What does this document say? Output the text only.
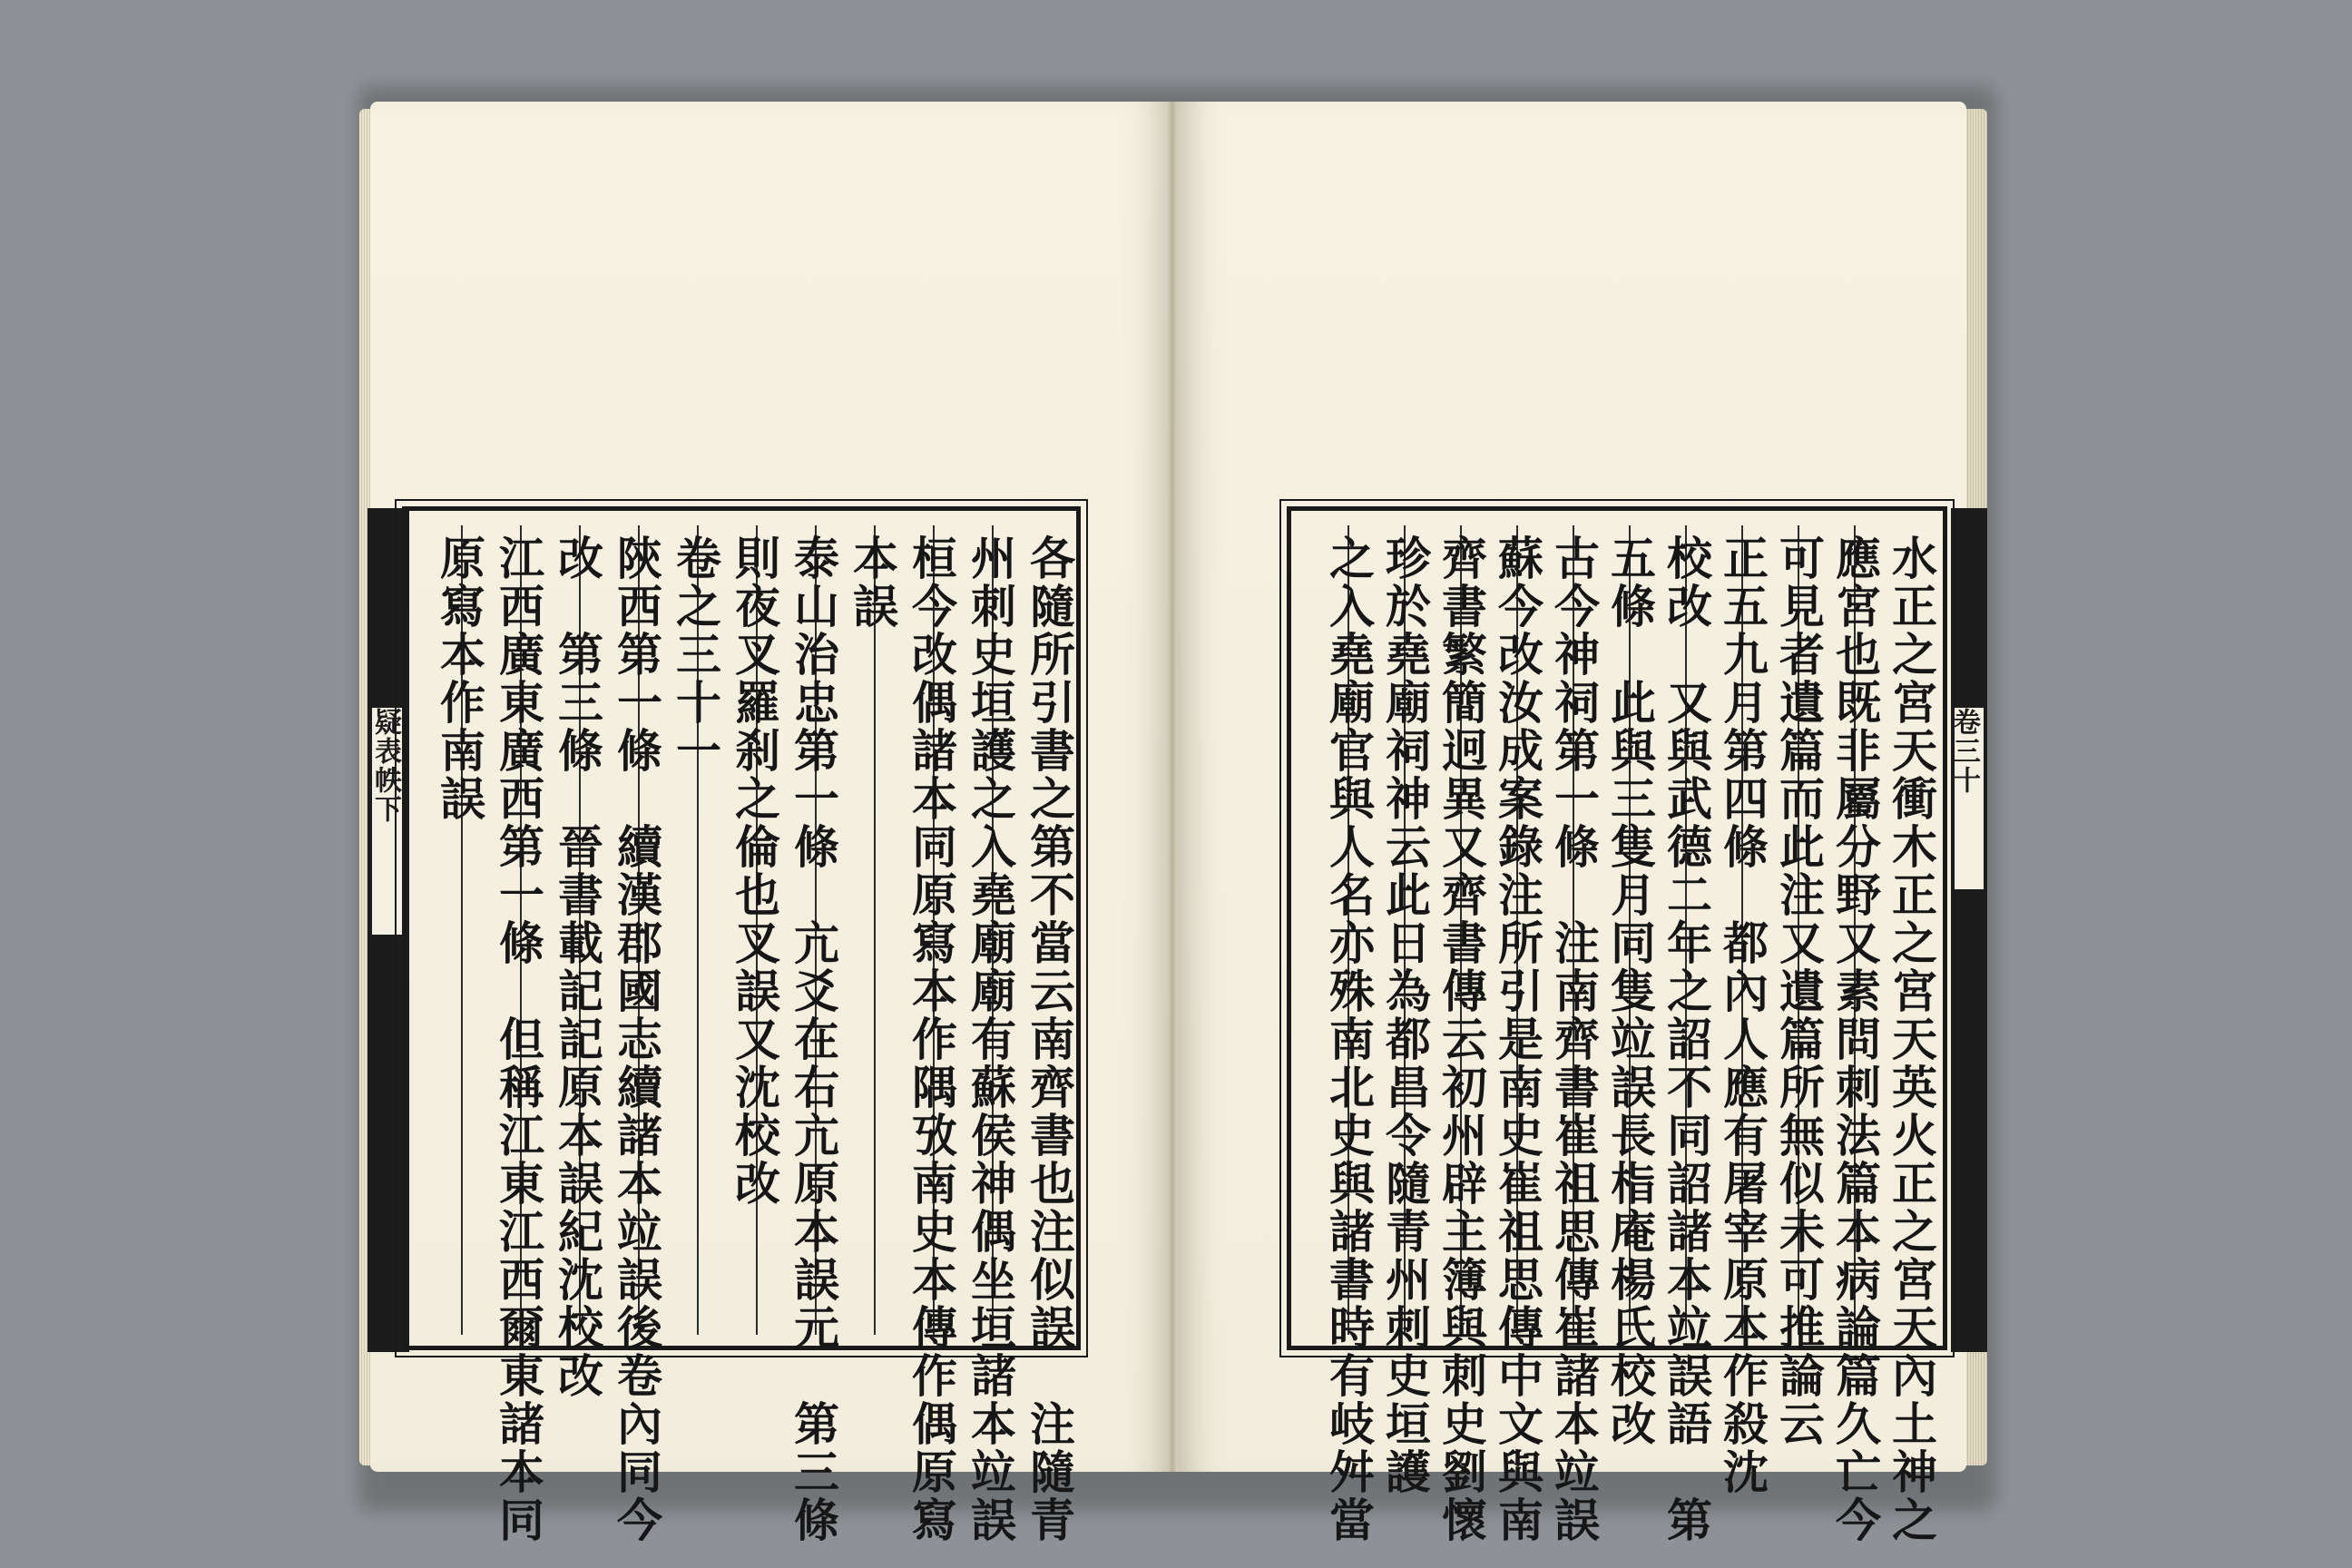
疑表帙下	卷三十
各隨所引書之第不當云南齊書也注似誤　注隨青
州刺史垣護之入堯廟廟有蘇侯神偶坐垣諸本竝誤
桓今改偶諸本同原寫本作隅攷南史本傳作偶原寫
本誤
泰山治忠第一條　亢爻在右亢原本誤元　第三條
則夜叉羅刹之倫也叉誤又沈校改
卷之三十一
陝西第一條　續漢郡國志續諸本竝誤後卷內同今
改　第三條　晉書載記記原本誤紀沈校改
江西廣東廣西第一條　但稱江東江西爾東諸本同
原寫本作南誤	水正之宮天衝木正之宮天英火正之宮天內土神之
應宮也既非屬分野又素問刺法篇本病論篇久亡今
可見者遺篇而此注又遺篇所無似未可推論云
正五九月第四條　都內人應有屠宰原本作殺沈
校改　又與武德二年之詔不同詔諸本竝誤語　第
五條　此與三隻月同隻竝誤長栺庵楊氏校改
古今神祠第一條　注南齊書崔祖思傳崔諸本竝誤
蘇今改汝成案錄注所引是南史崔祖思傳中文與南
齊書繁簡迥異又齊書傳云初州辟主簿與刺史劉懷
珍於堯廟祠神云此日為都昌令隨青州刺史垣護
之入堯廟官與人名亦殊南北史與諸書時有岐舛當
